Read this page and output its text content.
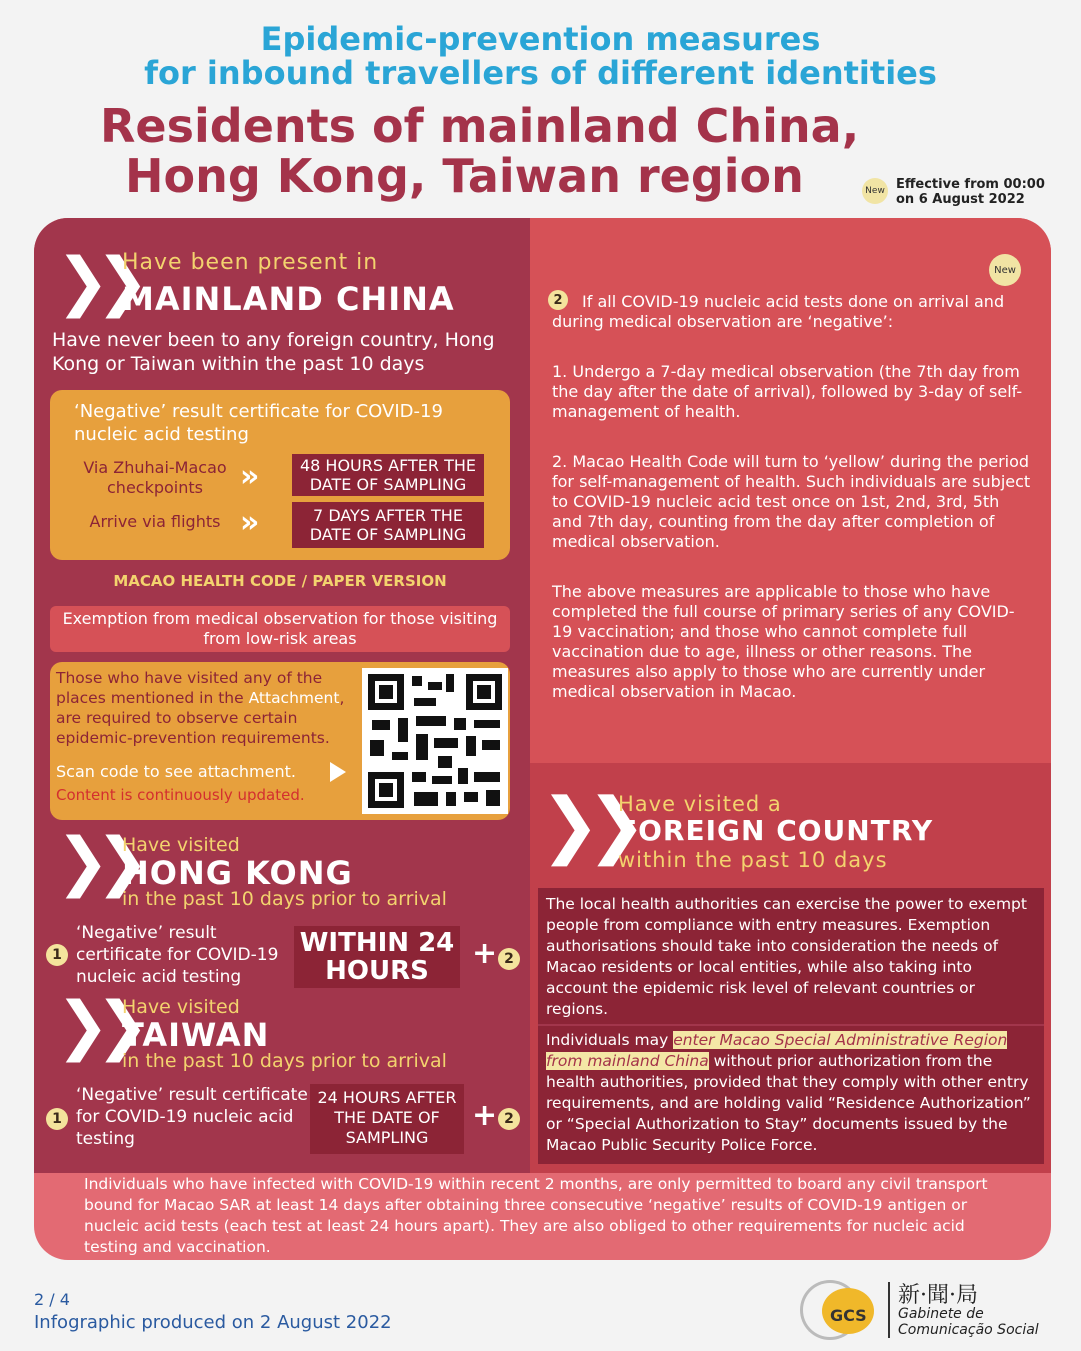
Epidemic-prevention measures
for inbound travellers of different identities
Residents of mainland China,
Hong Kong, Taiwan region	New Effective from 00:00
on 6 August 2022
❯❯
Have been present in
MAINLAND CHINA
Have never been to any foreign country, Hong Kong or Taiwan within the past 10 days
‘Negative’ result certificate for COVID-19 nucleic acid testing
Via Zhuhai-Macao checkpoints	»	48 HOURS AFTER THE DATE OF SAMPLING
Arrive via flights »	7 DAYS AFTER THE DATE OF SAMPLING
MACAO HEALTH CODE / PAPER VERSION
Exemption from medical observation for those visiting from low-risk areas
Those who have visited any of the places mentioned in the Attachment, are required to observe certain epidemic-prevention requirements.
Scan code to see attachment.
Content is continuously updated.
❯❯
Have visited
HONG KONG
in the past 10 days prior to arrival
1
‘Negative’ result certificate for COVID-19 nucleic acid testing
WITHIN 24 HOURS	+ 2
❯❯
Have visited
TAIWAN
in the past 10 days prior to arrival
1
‘Negative’ result certificate for COVID-19 nucleic acid testing
24 HOURS AFTER THE DATE OF SAMPLING
+ 2
New
2	If all COVID-19 nucleic acid tests done on arrival and during medical observation are ‘negative’:
1. Undergo a 7-day medical observation (the 7th day from the day after the date of arrival), followed by 3-day of self-management of health.
2. Macao Health Code will turn to ‘yellow’ during the period for self-management of health. Such individuals are subject to COVID-19 nucleic acid test once on 1st, 2nd, 3rd, 5th and 7th day, counting from the day after completion of medical observation.
The above measures are applicable to those who have completed the full course of primary series of any COVID-19 vaccination; and those who cannot complete full vaccination due to age, illness or other reasons. The measures also apply to those who are currently under medical observation in Macao.
❯❯
Have visited a
FOREIGN COUNTRY
within the past 10 days
The local health authorities can exercise the power to exempt people from compliance with entry measures. Exemption authorisations should take into consideration the needs of Macao residents or local entities, while also taking into account the epidemic risk level of relevant countries or regions.
Individuals may enter Macao Special Administrative Region from mainland China without prior authorization from the health authorities, provided that they comply with other entry requirements, and are holding valid “Residence Authorization” or “Special Authorization to Stay” documents issued by the Macao Public Security Police Force.
Individuals who have infected with COVID-19 within recent 2 months, are only permitted to board any civil transport bound for Macao SAR at least 14 days after obtaining three consecutive ‘negative’ results of COVID-19 antigen or nucleic acid tests (each test at least 24 hours apart). They are also obliged to other requirements for nucleic acid testing and vaccination.
2 / 4
Infographic produced on 2 August 2022	GCS
新·聞·局
Gabinete de
Comunicação Social
